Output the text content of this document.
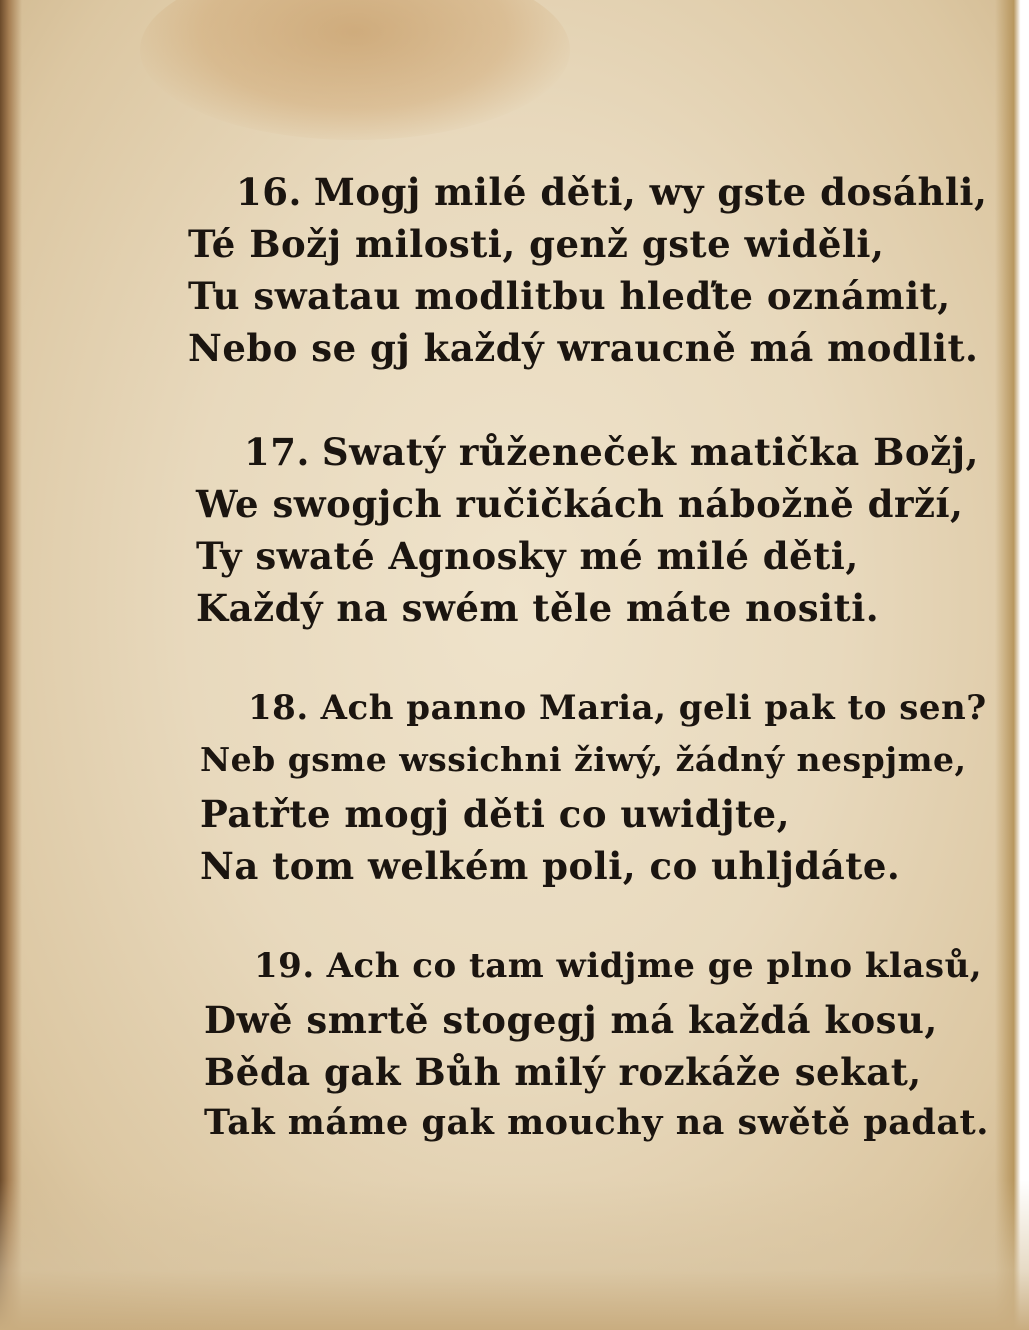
16. Mogj milé děti, wy gste dosáhli,
Té Božj milosti, genž gste widěli,
Tu swatau modlitbu hleďte oznámit,
Nebo se gj každý wraucně má modlit.
17. Swatý růženeček matička Božj,
We swogjch ručičkách nábožně drží,
Ty swaté Agnosky mé milé děti,
Každý na swém těle máte nositi.
18. Ach panno Maria, geli pak to sen?
Neb gsme wssichni žiwý, žádný nespjme,
Patřte mogj děti co uwidjte,
Na tom welkém poli, co uhljdáte.
19. Ach co tam widjme ge plno klasů,
Dwě smrtě stogegj má každá kosu,
Běda gak Bůh milý rozkáže sekat,
Tak máme gak mouchy na swětě padat.
